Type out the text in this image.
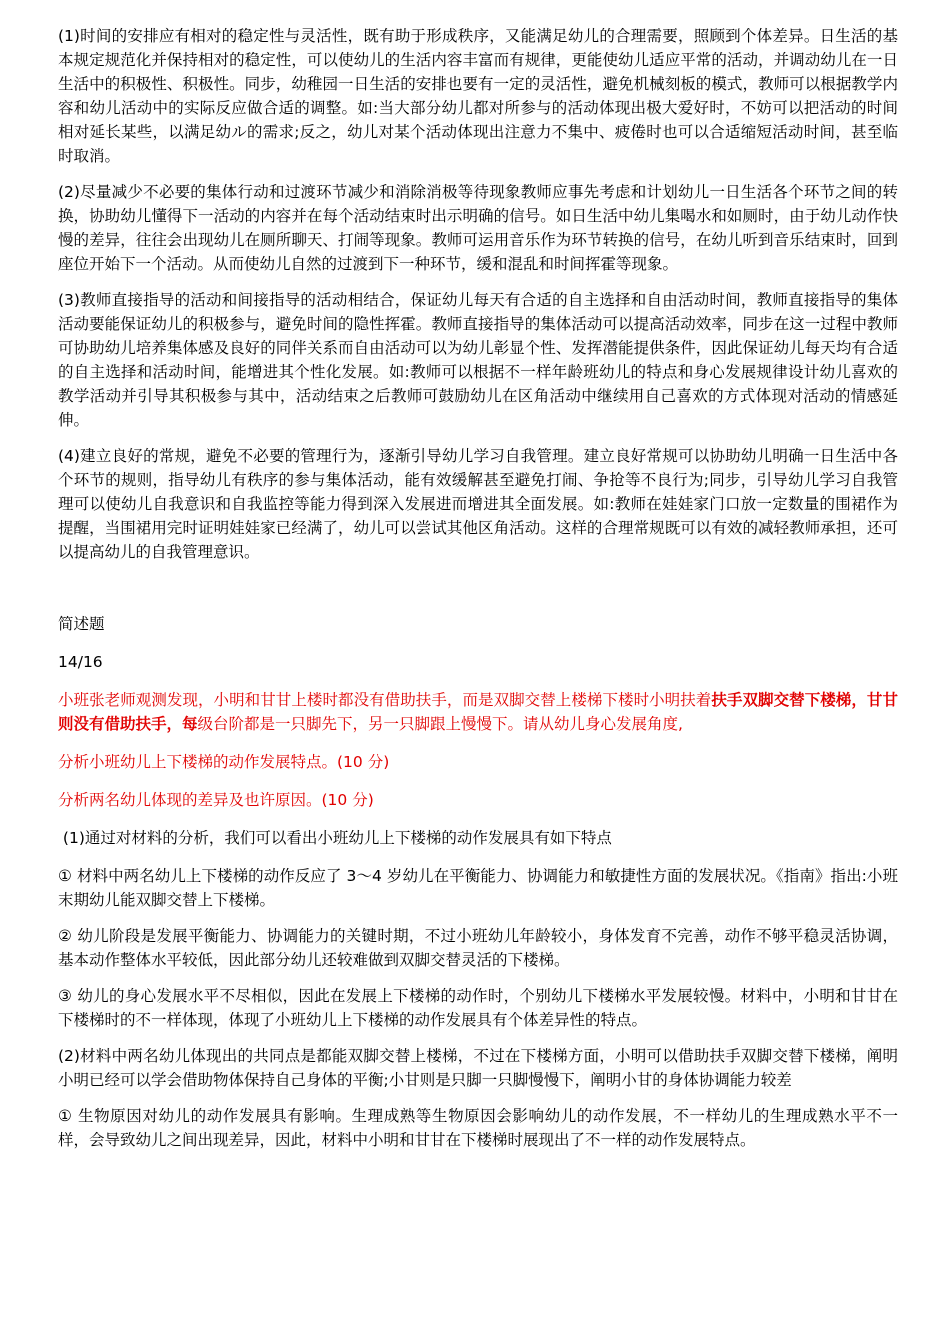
(1)时间的安排应有相对的稳定性与灵活性，既有助于形成秩序，又能满足幼儿的合理需要，照顾到个体差异。日生活的基本规定规范化并保持相对的稳定性，可以使幼儿的生活内容丰富而有规律，更能使幼儿适应平常的活动，并调动幼儿在一日生活中的积极性、积极性。同步，幼稚园一日生活的安排也要有一定的灵活性，避免机械刻板的模式，教师可以根据教学内容和幼儿活动中的实际反应做合适的调整。如:当大部分幼儿都对所参与的活动体现出极大爱好时，不妨可以把活动的时间相对延长某些，以满足幼ル的需求;反之，幼儿对某个活动体现出注意力不集中、疲倦时也可以合适缩短活动时间，甚至临时取消。

(2)尽量减少不必要的集体行动和过渡环节减少和消除消极等待现象教师应事先考虑和计划幼儿一日生活各个环节之间的转换，协助幼儿懂得下一活动的内容并在每个活动结束时出示明确的信号。如日生活中幼儿集喝水和如厕时，由于幼儿动作快慢的差异，往往会出现幼儿在厕所聊天、打闹等现象。教师可运用音乐作为环节转换的信号，在幼儿听到音乐结束时，回到座位开始下一个活动。从而使幼儿自然的过渡到下一种环节，缓和混乱和时间挥霍等现象。

(3)教师直接指导的活动和间接指导的活动相结合，保证幼儿每天有合适的自主选择和自由活动时间，教师直接指导的集体活动要能保证幼儿的积极参与，避免时间的隐性挥霍。教师直接指导的集体活动可以提高活动效率，同步在这一过程中教师可协助幼儿培养集体感及良好的同伴关系而自由活动可以为幼儿彰显个性、发挥潜能提供条件，因此保证幼儿每天均有合适的自主选择和活动时间，能增进其个性化发展。如:教师可以根据不一样年龄班幼儿的特点和身心发展规律设计幼儿喜欢的教学活动并引导其积极参与其中，活动结束之后教师可鼓励幼儿在区角活动中继续用自己喜欢的方式体现对活动的情感延伸。

(4)建立良好的常规，避免不必要的管理行为，逐渐引导幼儿学习自我管理。建立良好常规可以协助幼儿明确一日生活中各个环节的规则，指导幼儿有秩序的参与集体活动，能有效缓解甚至避免打闹、争抢等不良行为;同步，引导幼儿学习自我管理可以使幼儿自我意识和自我监控等能力得到深入发展进而增进其全面发展。如:教师在娃娃家门口放一定数量的围裙作为提醒，当围裙用完时证明娃娃家已经满了，幼儿可以尝试其他区角活动。这样的合理常规既可以有效的减轻教师承担，还可以提高幼儿的自我管理意识。

简述题

14/16

小班张老师观测发现，小明和甘甘上楼时都没有借助扶手，而是双脚交替上楼梯下楼时小明扶着扶手双脚交替下楼梯，甘甘则没有借助扶手，每级台阶都是一只脚先下，另一只脚跟上慢慢下。请从幼儿身心发展角度,

分析小班幼儿上下楼梯的动作发展特点。(10 分)

分析两名幼儿体现的差异及也许原因。(10 分)

(1)通过对材料的分析，我们可以看出小班幼儿上下楼梯的动作发展具有如下特点

① 材料中两名幼儿上下楼梯的动作反应了 3～4 岁幼儿在平衡能力、协调能力和敏捷性方面的发展状况。《指南》指出:小班末期幼儿能双脚交替上下楼梯。

② 幼儿阶段是发展平衡能力、协调能力的关键时期，不过小班幼儿年龄较小，身体发育不完善，动作不够平稳灵活协调，基本动作整体水平较低，因此部分幼儿还较难做到双脚交替灵活的下楼梯。

③ 幼儿的身心发展水平不尽相似，因此在发展上下楼梯的动作时，个别幼儿下楼梯水平发展较慢。材料中，小明和甘甘在下楼梯时的不一样体现，体现了小班幼儿上下楼梯的动作发展具有个体差异性的特点。

(2)材料中两名幼儿体现出的共同点是都能双脚交替上楼梯，不过在下楼梯方面，小明可以借助扶手双脚交替下楼梯，阐明小明已经可以学会借助物体保持自己身体的平衡;小甘则是只脚一只脚慢慢下，阐明小甘的身体协调能力较差

① 生物原因对幼儿的动作发展具有影响。生理成熟等生物原因会影响幼儿的动作发展，不一样幼儿的生理成熟水平不一样，会导致幼儿之间出现差异，因此，材料中小明和甘甘在下楼梯时展现出了不一样的动作发展特点。
